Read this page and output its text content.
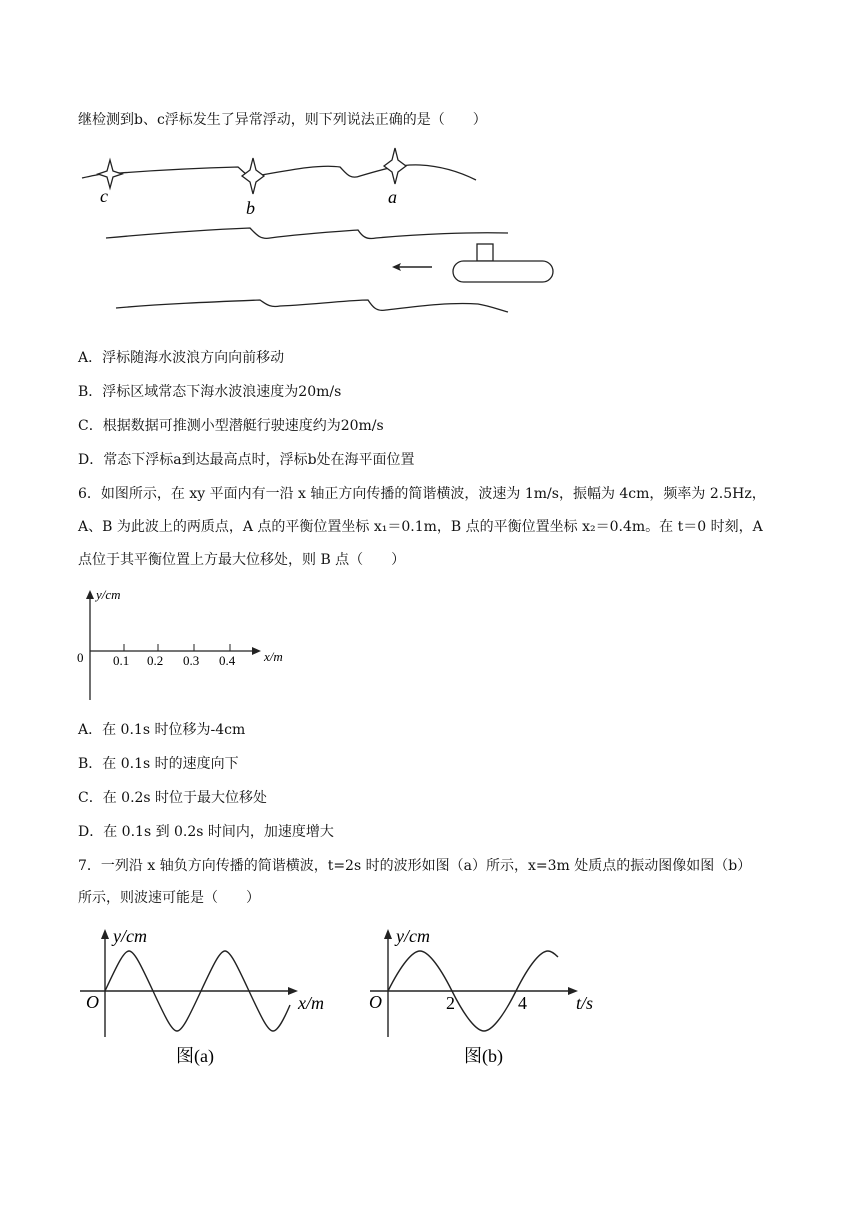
继检测到b、c浮标发生了异常浮动，则下列说法正确的是（　　）
c
b
a
A．浮标随海水波浪方向向前移动
B．浮标区域常态下海水波浪速度为20m/s
C．根据数据可推测小型潜艇行驶速度约为20m/s
D．常态下浮标a到达最高点时，浮标b处在海平面位置
6．如图所示，在 xy 平面内有一沿 x 轴正方向传播的简谐横波，波速为 1m/s，振幅为 4cm，频率为 2.5Hz，
A、B 为此波上的两质点，A 点的平衡位置坐标 x₁＝0.1m，B 点的平衡位置坐标 x₂＝0.4m。在 t＝0 时刻，A
点位于其平衡位置上方最大位移处，则 B 点（　　）
y/cm
x/m
0 0.1 0.2 0.3 0.4
A．在 0.1s 时位移为-4cm
B．在 0.1s 时的速度向下
C．在 0.2s 时位于最大位移处
D．在 0.1s 到 0.2s 时间内，加速度增大
7．一列沿 x 轴负方向传播的简谐横波，t=2s 时的波形如图（a）所示，x=3m 处质点的振动图像如图（b）
所示，则波速可能是（　　）
y/cm
x/m
O
图(a)
y/cm
t/s
O	2	4
图(b)
